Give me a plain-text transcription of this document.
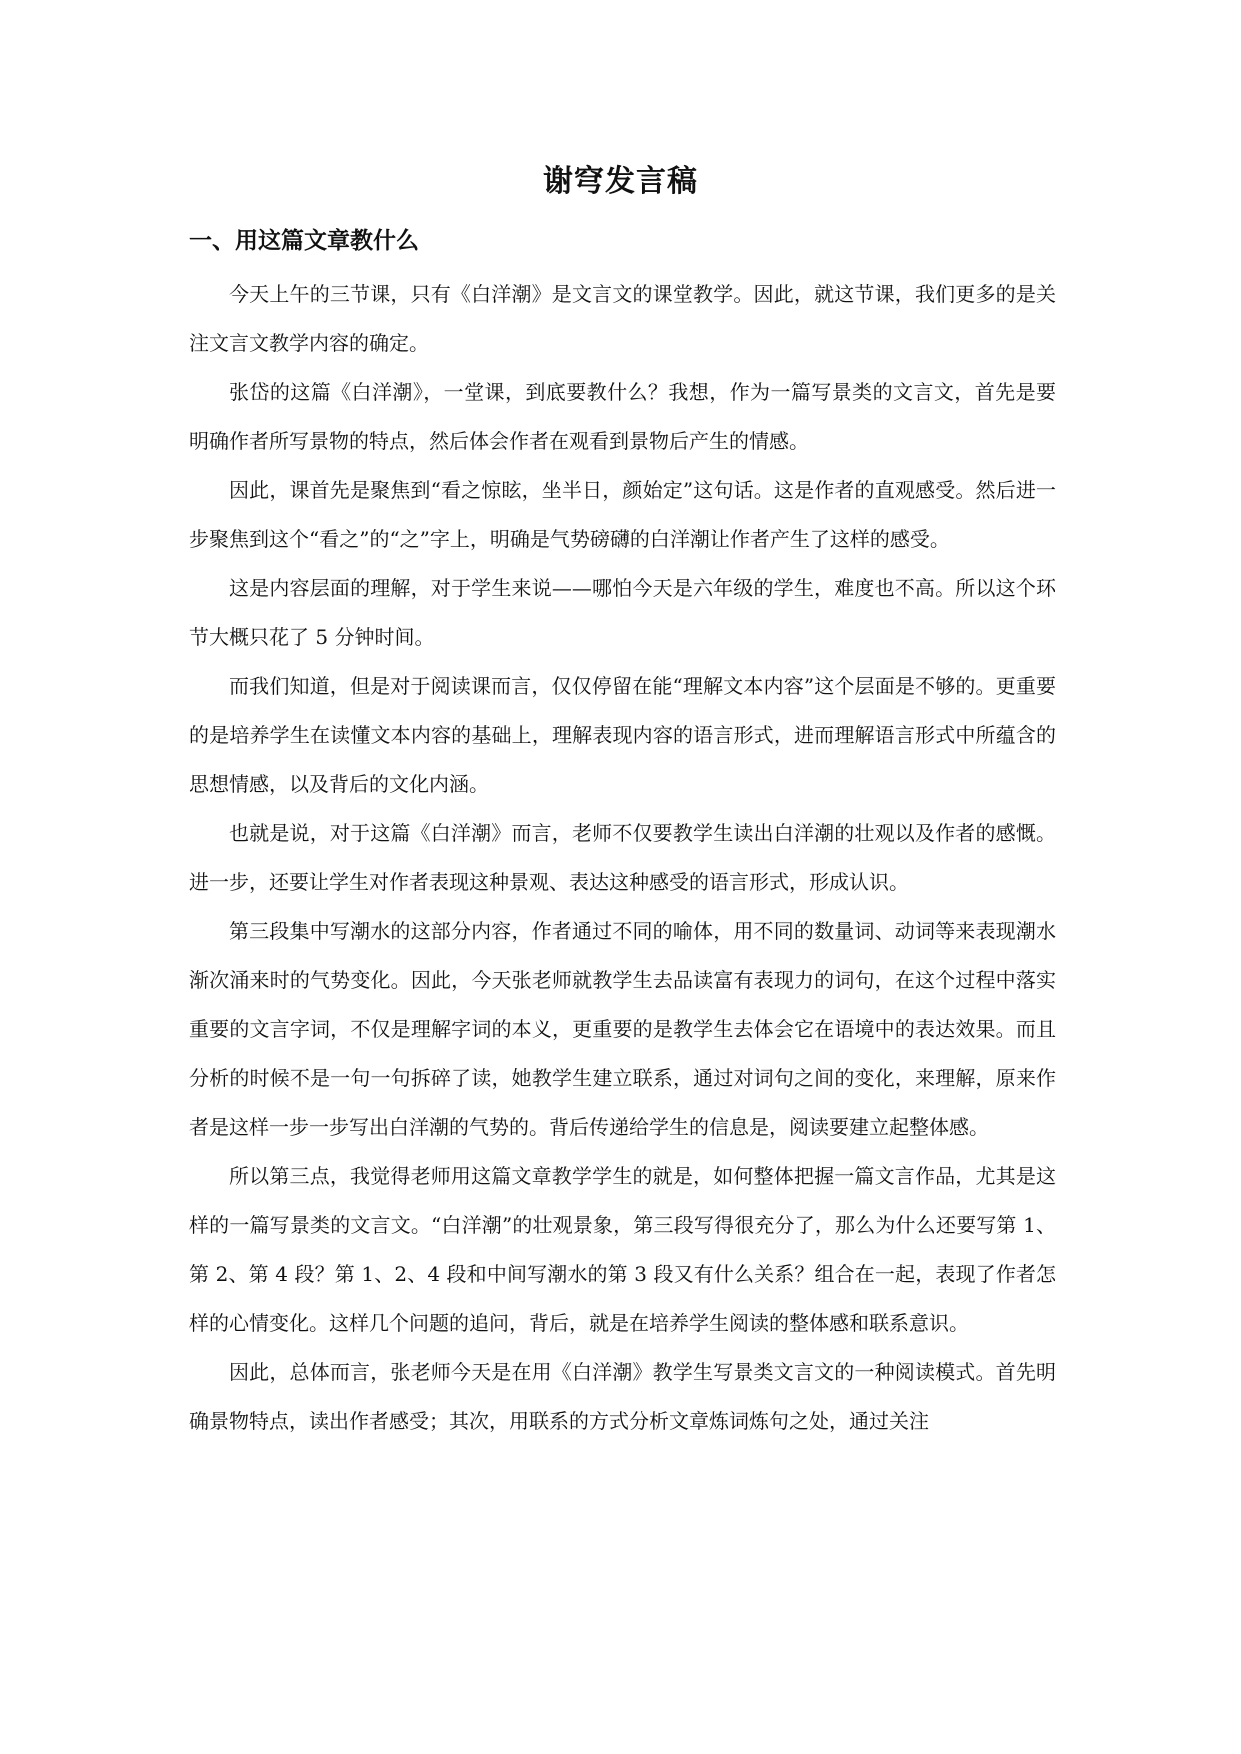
谢穹发言稿
一、用这篇文章教什么

今天上午的三节课，只有《白洋潮》是文言文的课堂教学。因此，就这节课，我们更多的是关注文言文教学内容的确定。

张岱的这篇《白洋潮》，一堂课，到底要教什么？我想，作为一篇写景类的文言文，首先是要明确作者所写景物的特点，然后体会作者在观看到景物后产生的情感。

因此，课首先是聚焦到“看之惊眩，坐半日，颜始定”这句话。这是作者的直观感受。然后进一步聚焦到这个“看之”的“之”字上，明确是气势磅礴的白洋潮让作者产生了这样的感受。

这是内容层面的理解，对于学生来说——哪怕今天是六年级的学生，难度也不高。所以这个环节大概只花了 5 分钟时间。

而我们知道，但是对于阅读课而言，仅仅停留在能“理解文本内容”这个层面是不够的。更重要的是培养学生在读懂文本内容的基础上，理解表现内容的语言形式，进而理解语言形式中所蕴含的思想情感，以及背后的文化内涵。

也就是说，对于这篇《白洋潮》而言，老师不仅要教学生读出白洋潮的壮观以及作者的感慨。进一步，还要让学生对作者表现这种景观、表达这种感受的语言形式，形成认识。

第三段集中写潮水的这部分内容，作者通过不同的喻体，用不同的数量词、动词等来表现潮水渐次涌来时的气势变化。因此，今天张老师就教学生去品读富有表现力的词句，在这个过程中落实重要的文言字词，不仅是理解字词的本义，更重要的是教学生去体会它在语境中的表达效果。而且分析的时候不是一句一句拆碎了读，她教学生建立联系，通过对词句之间的变化，来理解，原来作者是这样一步一步写出白洋潮的气势的。背后传递给学生的信息是，阅读要建立起整体感。

所以第三点，我觉得老师用这篇文章教学学生的就是，如何整体把握一篇文言作品，尤其是这样的一篇写景类的文言文。“白洋潮”的壮观景象，第三段写得很充分了，那么为什么还要写第 1、第 2、第 4 段？第 1、2、4 段和中间写潮水的第 3 段又有什么关系？组合在一起，表现了作者怎样的心情变化。这样几个问题的追问，背后，就是在培养学生阅读的整体感和联系意识。

因此，总体而言，张老师今天是在用《白洋潮》教学生写景类文言文的一种阅读模式。首先明确景物特点，读出作者感受；其次，用联系的方式分析文章炼词炼句之处，通过关注
